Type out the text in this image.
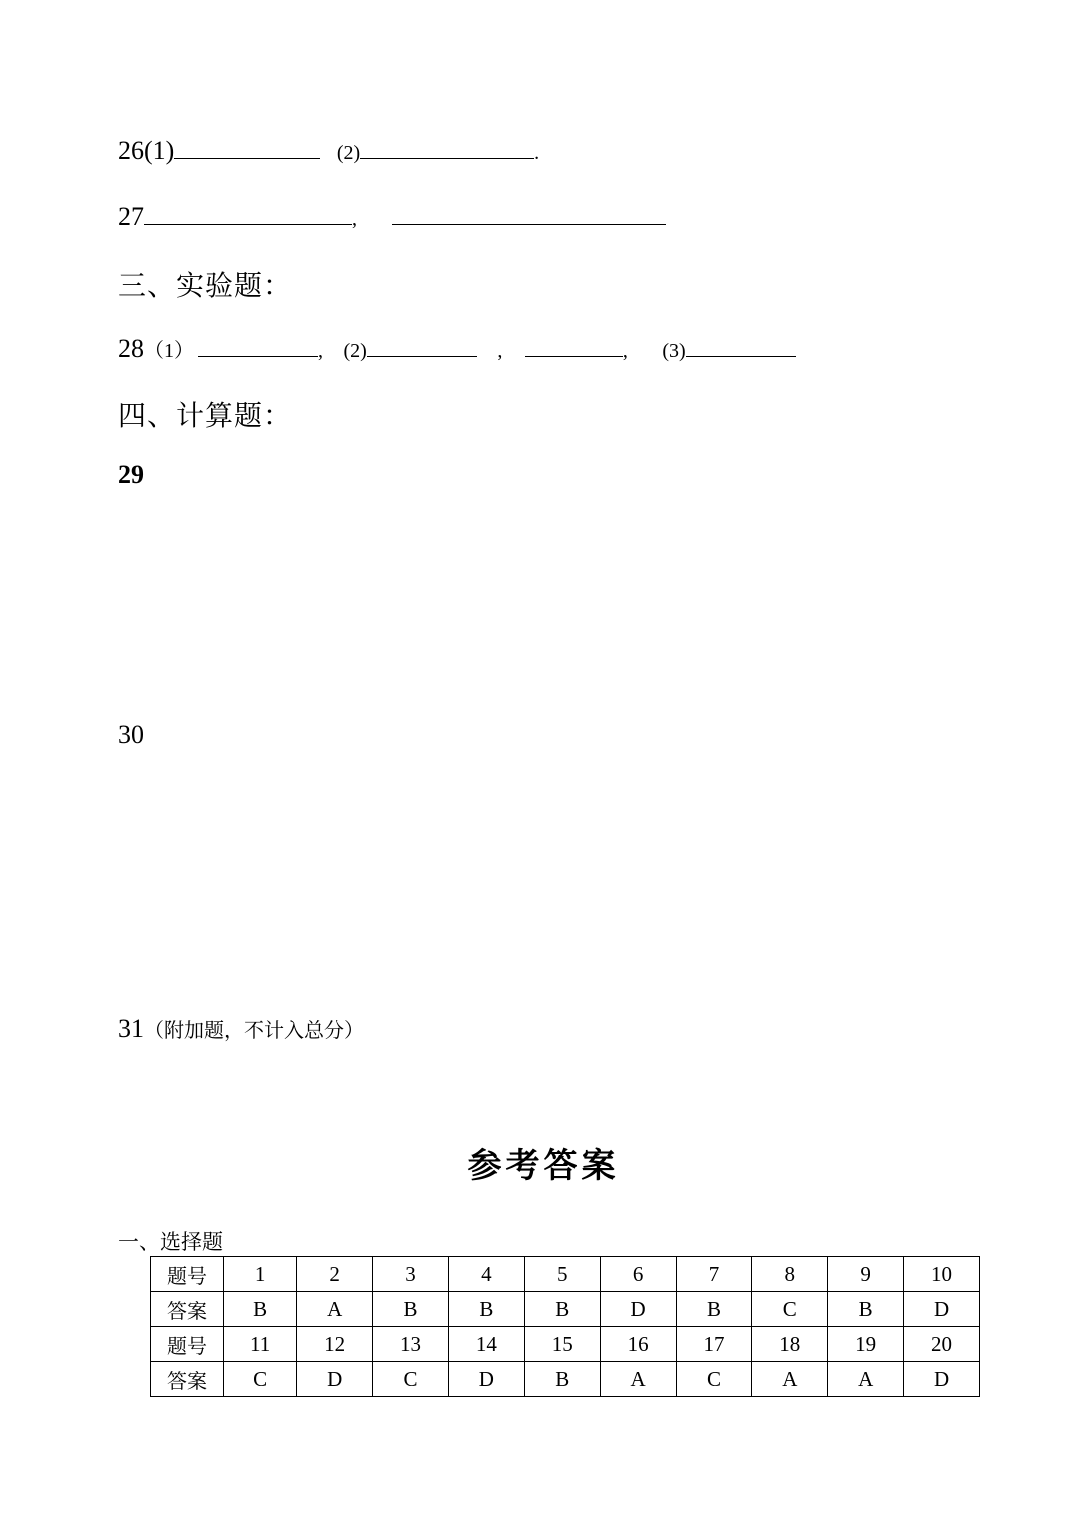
26(1)	(2)	.
27	,
三、实验题：
28（1）	, (2)	,	, (3)
四、计算题：
29
30
31（附加题，不计入总分）
参考答案
一、选择题
题号	1	2	3	4	5	6	7	8	9	10
答案	B	A	B	B	B	D	B	C	B	D
题号	11	12	13	14	15	16	17	18	19	20
答案	C	D	C	D	B	A	C	A	A	D
